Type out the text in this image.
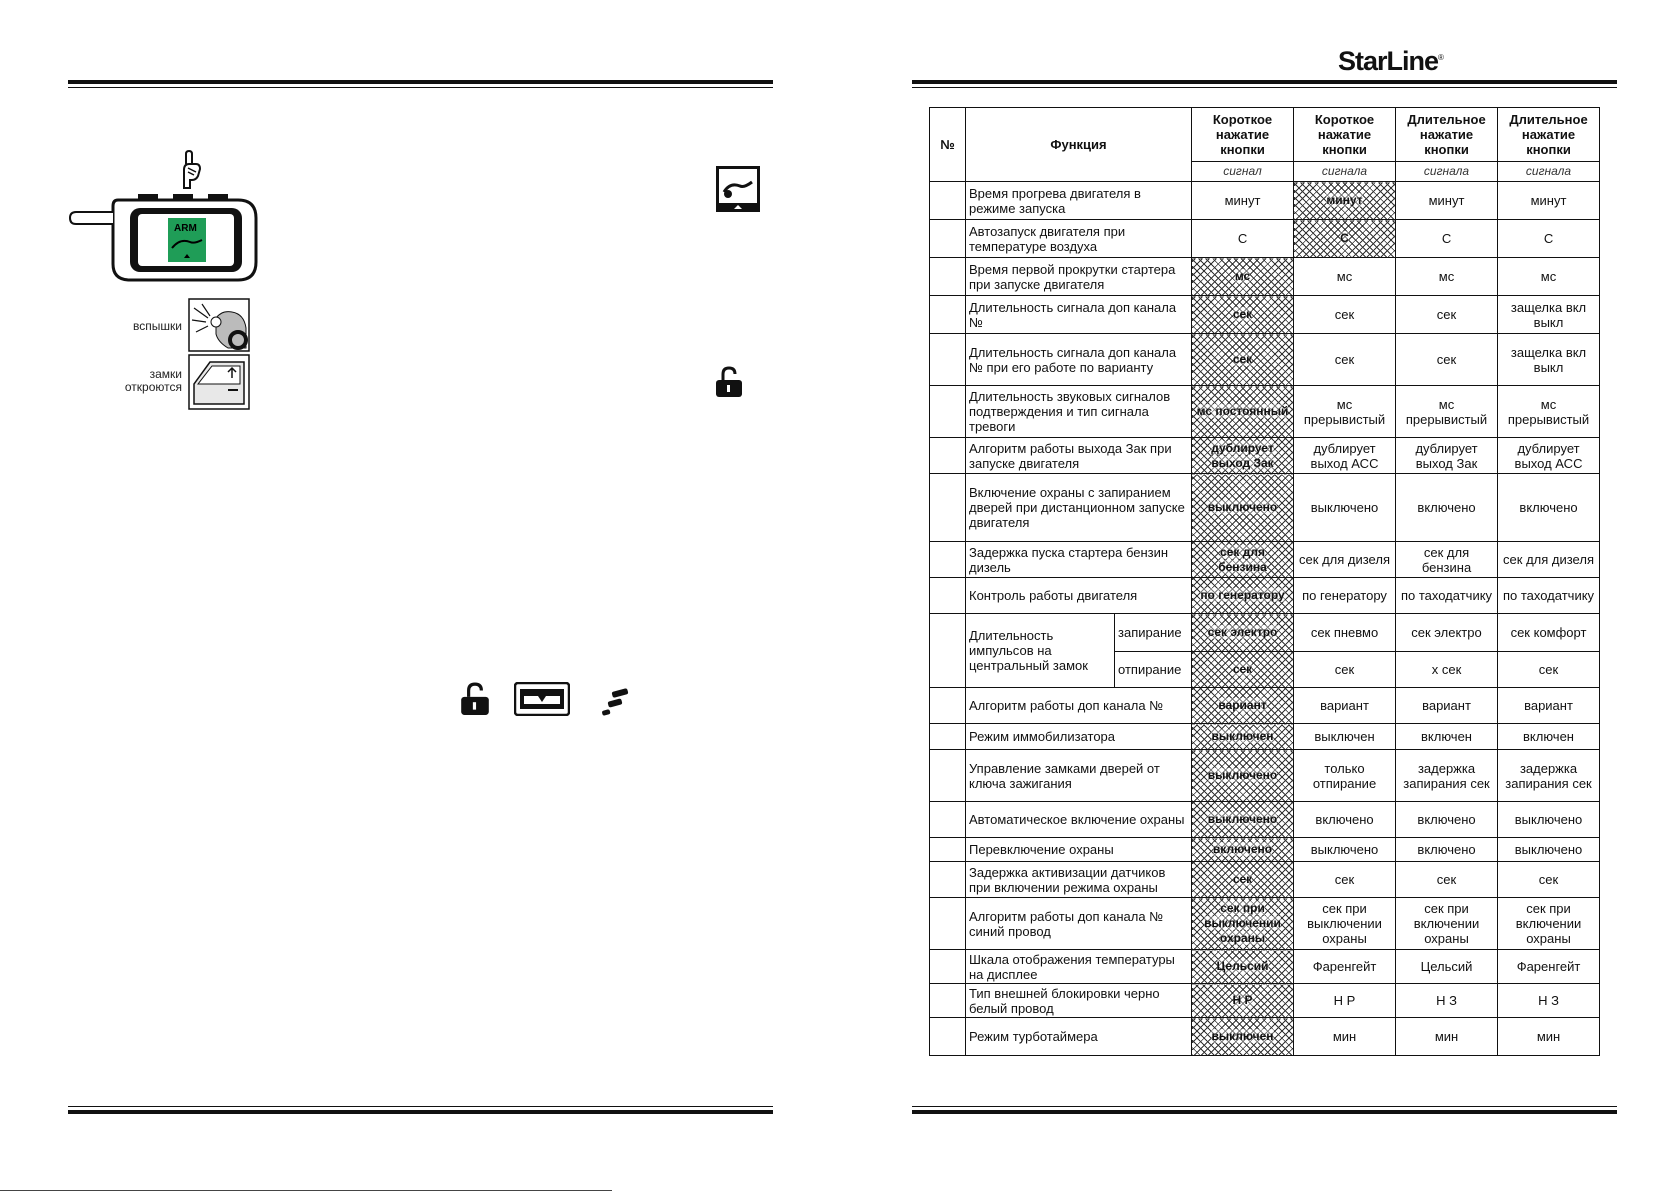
StarLine®
ARM
вспышки
замки откроются
№	Функция		Короткое нажатие кнопки	Короткое нажатие кнопки	Длительное нажатие кнопки	Длительное нажатие кнопки
			сигнал	сигнала	сигнала	сигнала
	Время прогрева двигателя в режиме запуска		минут	минут	минут	минут
	Автозапуск двигателя при температуре воздуха		С	С	С	С
	Время первой прокрутки стартера при запуске двигателя		мс	мс	мс	мс
	Длительность сигнала доп канала №		сек	сек	сек	защелка вкл выкл
	Длительность сигнала доп канала № при его работе по варианту		сек	сек	сек	защелка вкл выкл
	Длительность звуковых сигналов подтверждения и тип сигнала тревоги		мс постоянный	мс прерывистый	мс прерывистый	мс прерывистый
	Алгоритм работы выхода Зак при запуске двигателя		дублирует выход Зак	дублирует выход АСС	дублирует выход Зак	дублирует выход АСС
	Включение охраны с запиранием дверей при дистанционном запуске двигателя		выключено	выключено	включено	включено
	Задержка пуска стартера бензин дизель		сек для бензина	сек для дизеля	сек для бензина	сек для дизеля
	Контроль работы двигателя		по генератору	по генератору	по таходатчику	по таходатчику
	Длительность импульсов на центральный замок	запирание	сек электро	сек пневмо	сек электро	сек комфорт
		отпирание	сек	сек	х сек	сек
	Алгоритм работы доп канала №		вариант	вариант	вариант	вариант
	Режим иммобилизатора		выключен	выключен	включен	включен
	Управление замками дверей от ключа зажигания		выключено	только отпирание	задержка запирания сек	задержка запирания сек
	Автоматическое включение охраны		выключено	включено	включено	выключено
	Перевключение охраны		включено	выключено	включено	выключено
	Задержка активизации датчиков при включении режима охраны		сек	сек	сек	сек
	Алгоритм работы доп канала № синий провод		сек при выключении охраны	сек при выключении охраны	сек при включении охраны	сек при включении охраны
	Шкала отображения температуры на дисплее		Цельсий	Фаренгейт	Цельсий	Фаренгейт
	Тип внешней блокировки черно белый провод		Н Р	Н Р	Н З	Н З
	Режим турботаймера		выключен	мин	мин	мин
